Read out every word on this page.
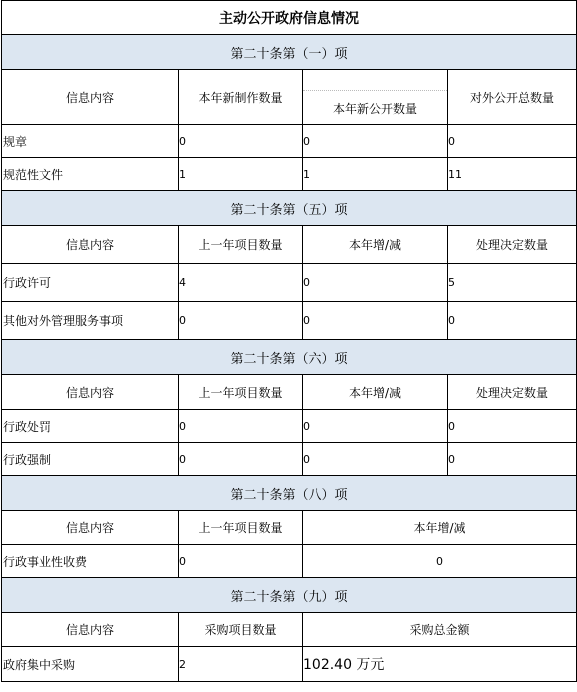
主动公开政府信息情况			
第二十条第（一）项			
信息内容	本年新制作数量	本年新公开数量	对外公开总数量
规章	0	0	0
规范性文件	1	1	11
第二十条第（五）项			
信息内容	上一年项目数量	本年增/减	处理决定数量
行政许可	4	0	5
其他对外管理服务事项	0	0	0
第二十条第（六）项			
信息内容	上一年项目数量	本年增/减	处理决定数量
行政处罚	0	0	0
行政强制	0	0	0
第二十条第（八）项			
信息内容	上一年项目数量	本年增/减	
行政事业性收费	0	0	
第二十条第（九）项			
信息内容	采购项目数量	采购总金额	
政府集中采购	2	102.40 万元	
